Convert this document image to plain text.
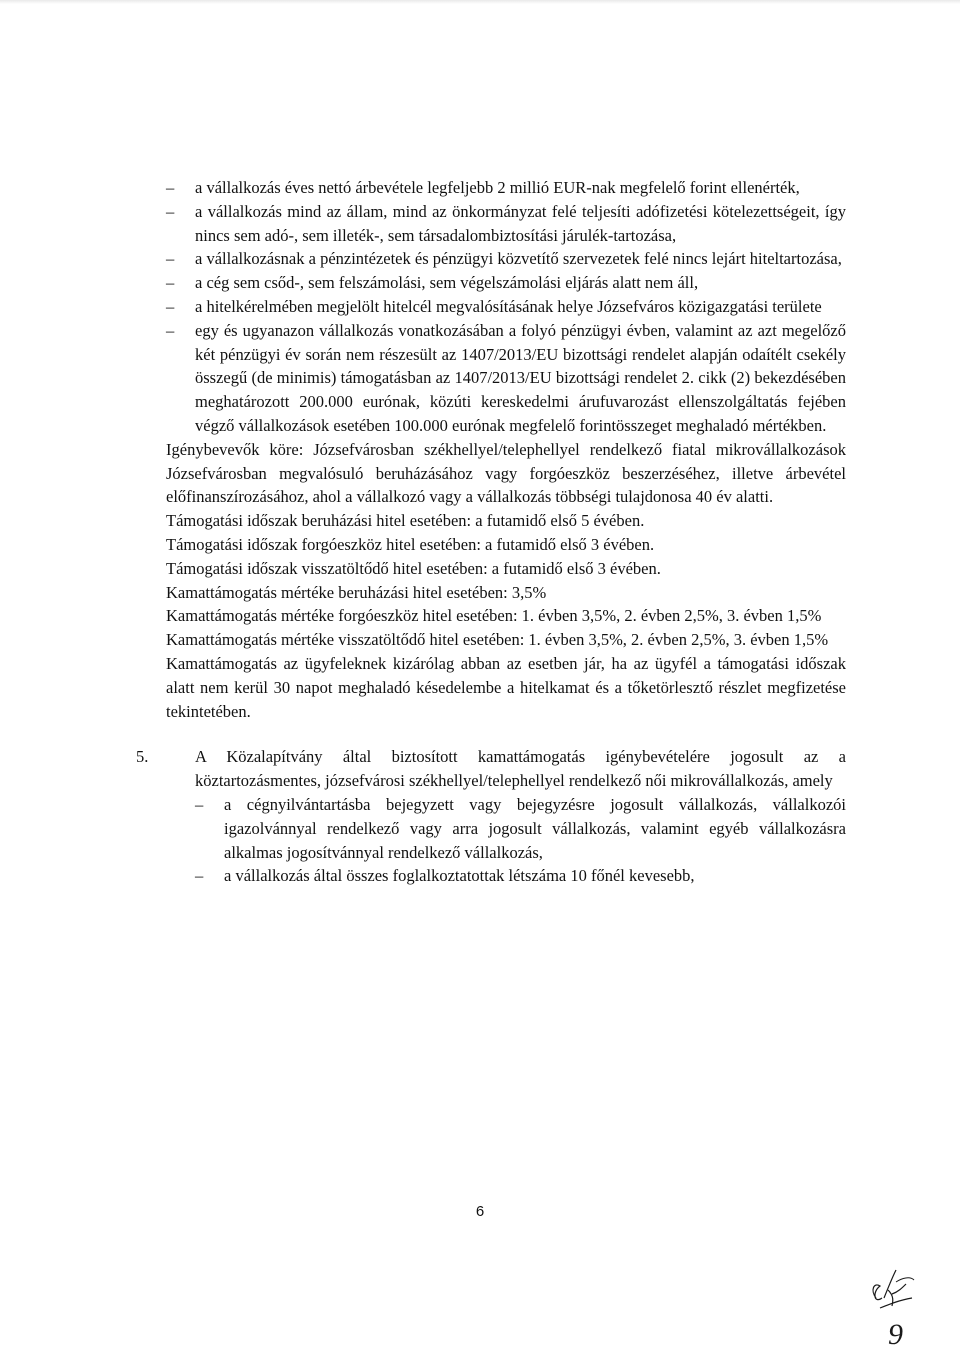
– a vállalkozás éves nettó árbevétele legfeljebb 2 millió EUR-nak megfelelő forint ellenérték,
– a vállalkozás mind az állam, mind az önkormányzat felé teljesíti adófizetési kötelezettségeit, így nincs sem adó-, sem illeték-, sem társadalombiztosítási járulék-tartozása,
– a vállalkozásnak a pénzintézetek és pénzügyi közvetítő szervezetek felé nincs lejárt hiteltartozása,
– a cég sem csőd-, sem felszámolási, sem végelszámolási eljárás alatt nem áll,
– a hitelkérelmében megjelölt hitelcél megvalósításának helye Józsefváros közigazgatási területe
– egy és ugyanazon vállalkozás vonatkozásában a folyó pénzügyi évben, valamint az azt megelőző két pénzügyi év során nem részesült az 1407/2013/EU bizottsági rendelet alapján odaítélt csekély összegű (de minimis) támogatásban az 1407/2013/EU bizottsági rendelet 2. cikk (2) bekezdésében meghatározott 200.000 eurónak, közúti kereskedelmi árufuvarozást ellenszolgáltatás fejében végző vállalkozások esetében 100.000 eurónak megfelelő forintösszeget meghaladó mértékben.

Igénybevevők köre: Józsefvárosban székhellyel/telephellyel rendelkező fiatal mikrovállalkozások Józsefvárosban megvalósuló beruházásához vagy forgóeszköz beszerzéséhez, illetve árbevétel előfinanszírozásához, ahol a vállalkozó vagy a vállalkozás többségi tulajdonosa 40 év alatti.

Támogatási időszak beruházási hitel esetében: a futamidő első 5 évében.

Támogatási időszak forgóeszköz hitel esetében: a futamidő első 3 évében.

Támogatási időszak visszatöltődő hitel esetében: a futamidő első 3 évében.

Kamattámogatás mértéke beruházási hitel esetében: 3,5%

Kamattámogatás mértéke forgóeszköz hitel esetében: 1. évben 3,5%, 2. évben 2,5%, 3. évben 1,5%

Kamattámogatás mértéke visszatöltődő hitel esetében: 1. évben 3,5%, 2. évben 2,5%, 3. évben 1,5%

Kamattámogatás az ügyfeleknek kizárólag abban az esetben jár, ha az ügyfél a támogatási időszak alatt nem kerül 30 napot meghaladó késedelembe a hitelkamat és a tőketörlesztő részlet megfizetése tekintetében.

5.	A Közalapítvány által biztosított kamattámogatás igénybevételére jogosult az a köztartozásmentes, józsefvárosi székhellyel/telephellyel rendelkező női mikrovállalkozás, amely

– a cégnyilvántartásba bejegyzett vagy bejegyzésre jogosult vállalkozás, vállalkozói igazolvánnyal rendelkező vagy arra jogosult vállalkozás, valamint egyéb vállalkozásra alkalmas jogosítvánnyal rendelkező vállalkozás,
– a vállalkozás által összes foglalkoztatottak létszáma 10 főnél kevesebb,
6
9
